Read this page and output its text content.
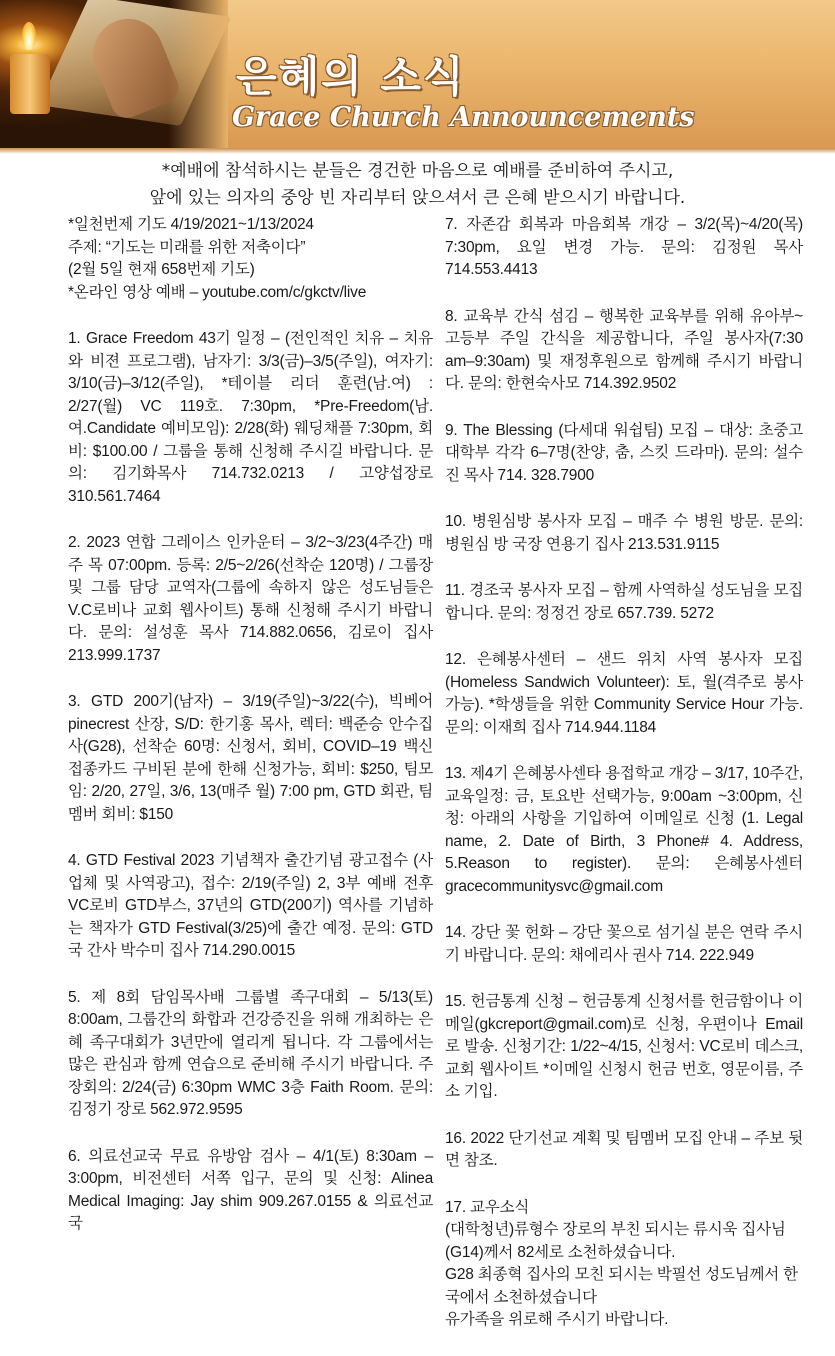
은혜의 소식
Grace Church Announcements

*예배에 참석하시는 분들은 경건한 마음으로 예배를 준비하여 주시고,

앞에 있는 의자의 중앙 빈 자리부터 앉으셔서 큰 은혜 받으시기 바랍니다.

*일천번제 기도 4/19/2021~1/13/2024

주제: “기도는 미래를 위한 저축이다”

(2월 5일 현재 658번제 기도)

*온라인 영상 예배 – youtube.com/c/gkctv/live

1. Grace Freedom 43기 일정 – (전인적인 치유 – 치유와 비젼 프로그램), 남자기: 3/3(금)–3/5(주일), 여자기: 3/10(금)–3/12(주일), *테이블 리더 훈련(남.여) : 2/27(월) VC 119호. 7:30pm, *Pre-Freedom(남.여.Candidate 예비모임): 2/28(화) 웨딩채플 7:30pm, 회비: $100.00 / 그룹을 통해 신청해 주시길 바랍니다. 문의: 김기화목사 714.732.0213 / 고양섭장로 310.561.7464
2. 2023 연합 그레이스 인카운터 – 3/2~3/23(4주간) 매주 목 07:00pm. 등록: 2/5~2/26(선착순 120명) / 그룹장 및 그룹 담당 교역자(그룹에 속하지 않은 성도님들은 V.C로비나 교회 웹사이트) 통해 신청해 주시기 바랍니다. 문의: 설성훈 목사 714.882.0656, 김로이 집사 213.999.1737
3. GTD 200기(남자) – 3/19(주일)~3/22(수), 빅베어 pinecrest 산장, S/D: 한기홍 목사, 렉터: 백준승 안수집사(G28), 선착순 60명: 신청서, 회비, COVID–19 백신 접종카드 구비된 분에 한해 신청가능, 회비: $250, 팀모임: 2/20, 27일, 3/6, 13(매주 월) 7:00 pm, GTD 회관, 팀멤버 회비: $150
4. GTD Festival 2023 기념책자 출간기념 광고접수 (사업체 및 사역광고), 접수: 2/19(주일) 2, 3부 예배 전후 VC로비 GTD부스, 37년의 GTD(200기) 역사를 기념하는 책자가 GTD Festival(3/25)에 출간 예정. 문의: GTD국 간사 박수미 집사 714.290.0015
5. 제 8회 담임목사배 그룹별 족구대회 – 5/13(토) 8:00am, 그룹간의 화합과 건강증진을 위해 개최하는 은혜 족구대회가 3년만에 열리게 됩니다. 각 그룹에서는 많은 관심과 함께 연습으로 준비해 주시기 바랍니다. 주장회의: 2/24(금) 6:30pm WMC 3층 Faith Room. 문의: 김정기 장로 562.972.9595
6. 의료선교국 무료 유방암 검사 – 4/1(토) 8:30am –3:00pm, 비전센터 서쪽 입구, 문의 및 신청: Alinea Medical Imaging: Jay shim 909.267.0155 & 의료선교국
7. 자존감 회복과 마음회복 개강 – 3/2(목)~4/20(목) 7:30pm, 요일 변경 가능. 문의: 김정원 목사 714.553.4413
8. 교육부 간식 섬김 – 행복한 교육부를 위해 유아부~고등부 주일 간식을 제공합니다, 주일 봉사자(7:30 am–9:30am) 및 재정후원으로 함께해 주시기 바랍니다. 문의: 한현숙사모 714.392.9502
9. The Blessing (다세대 워쉽팀) 모집 – 대상: 초중고 대학부 각각 6–7명(찬양, 춤, 스킷 드라마). 문의: 설수진 목사 714. 328.7900
10. 병원심방 봉사자 모집 – 매주 수 병원 방문. 문의: 병원심 방 국장 연용기 집사 213.531.9115
11. 경조국 봉사자 모집 – 함께 사역하실 성도님을 모집합니다. 문의: 정정건 장로 657.739. 5272
12. 은혜봉사센터 – 샌드 위치 사역 봉사자 모집 (Homeless Sandwich Volunteer): 토, 월(격주로 봉사 가능). *학생들을 위한 Community Service Hour 가능. 문의: 이재희 집사 714.944.1184
13. 제4기 은혜봉사센타 용접학교 개강 – 3/17, 10주간, 교육일정: 금, 토요반 선택가능, 9:00am ~3:00pm, 신청: 아래의 사항을 기입하여 이메일로 신청 (1. Legal name, 2. Date of Birth, 3 Phone# 4. Address, 5.Reason to register). 문의: 은혜봉사센터 gracecommunitysvc@gmail.com
14. 강단 꽃 헌화 – 강단 꽃으로 섬기실 분은 연락 주시기 바랍니다. 문의: 채에리사 권사 714. 222.949
15. 헌금통계 신청 – 헌금통계 신청서를 헌금함이나 이메일(gkcreport@gmail.com)로 신청, 우편이나 Email로 발송. 신청기간: 1/22~4/15, 신청서: VC로비 데스크, 교회 웹사이트 *이메일 신청시 헌금 번호, 영문이름, 주소 기입.
16. 2022 단기선교 계획 및 팀멤버 모집 안내 – 주보 뒷면 참조.

17. 교우소식

(대학청년)류형수 장로의 부친 되시는 류시욱 집사님(G14)께서 82세로 소천하셨습니다.

G28 최종혁 집사의 모친 되시는 박필선 성도님께서 한국에서 소천하셨습니다

유가족을 위로해 주시기 바랍니다.
